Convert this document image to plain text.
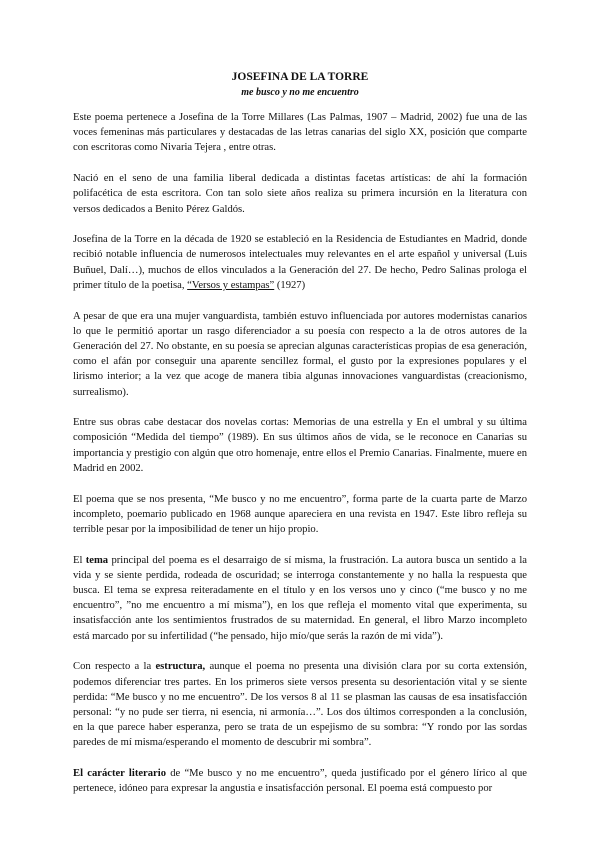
JOSEFINA DE LA TORRE

me busco y no me encuentro

Este poema pertenece a Josefina de la Torre Millares (Las Palmas, 1907 – Madrid, 2002) fue una de las voces femeninas más particulares y destacadas de las letras canarias del siglo XX, posición que comparte con escritoras como Nivaria Tejera , entre otras.

Nació en el seno de una familia liberal dedicada a distintas facetas artísticas: de ahí la formación polifacética de esta escritora. Con tan solo siete años realiza su primera incursión en la literatura con versos dedicados a Benito Pérez Galdós.

Josefina de la Torre en la década de 1920 se estableció en la Residencia de Estudiantes en Madrid, donde recibió notable influencia de numerosos intelectuales muy relevantes en el arte español y universal (Luis Buñuel, Dalí…), muchos de ellos vinculados a la Generación del 27. De hecho, Pedro Salinas prologa el primer título de la poetisa, “Versos y estampas” (1927)

A pesar de que era una mujer vanguardista, también estuvo influenciada por autores modernistas canarios lo que le permitió aportar un rasgo diferenciador a su poesía con respecto a la de otros autores de la Generación del 27. No obstante, en su poesía se aprecian algunas características propias de esa generación, como el afán por conseguir una aparente sencillez formal, el gusto por la expresiones populares y el lirismo interior; a la vez que acoge de manera tibia algunas innovaciones vanguardistas (creacionismo, surrealismo).

Entre sus obras cabe destacar dos novelas cortas: Memorias de una estrella y En el umbral y su última composición “Medida del tiempo” (1989). En sus últimos años de vida, se le reconoce en Canarias su importancia y prestigio con algún que otro homenaje, entre ellos el Premio Canarias. Finalmente, muere en Madrid en 2002.

El poema que se nos presenta, “Me busco y no me encuentro”, forma parte de la cuarta parte de Marzo incompleto, poemario publicado en 1968 aunque apareciera en una revista en 1947. Este libro refleja su terrible pesar por la imposibilidad de tener un hijo propio.

El tema principal del poema es el desarraigo de sí misma, la frustración. La autora busca un sentido a la vida y se siente perdida, rodeada de oscuridad; se interroga constantemente y no halla la respuesta que busca. El tema se expresa reiteradamente en el título y en los versos uno y cinco (“me busco y no me encuentro”, ”no me encuentro a mí misma”), en los que refleja el momento vital que experimenta, su insatisfacción ante los sentimientos frustrados de su maternidad. En general, el libro Marzo incompleto está marcado por su infertilidad (“he pensado, hijo mío/que serás la razón de mi vida”).

Con respecto a la estructura, aunque el poema no presenta una división clara por su corta extensión, podemos diferenciar tres partes. En los primeros siete versos presenta su desorientación vital y se siente perdida: “Me busco y no me encuentro”. De los versos 8 al 11 se plasman las causas de esa insatisfacción personal: “y no pude ser tierra, ni esencia, ni armonía…”. Los dos últimos corresponden a la conclusión, en la que parece haber esperanza, pero se trata de un espejismo de su sombra: “Y rondo por las sordas paredes de mí misma/esperando el momento de descubrir mi sombra”.

El carácter literario de “Me busco y no me encuentro”, queda justificado por el género lírico al que pertenece, idóneo para expresar la angustia e insatisfacción personal. El poema está compuesto por
